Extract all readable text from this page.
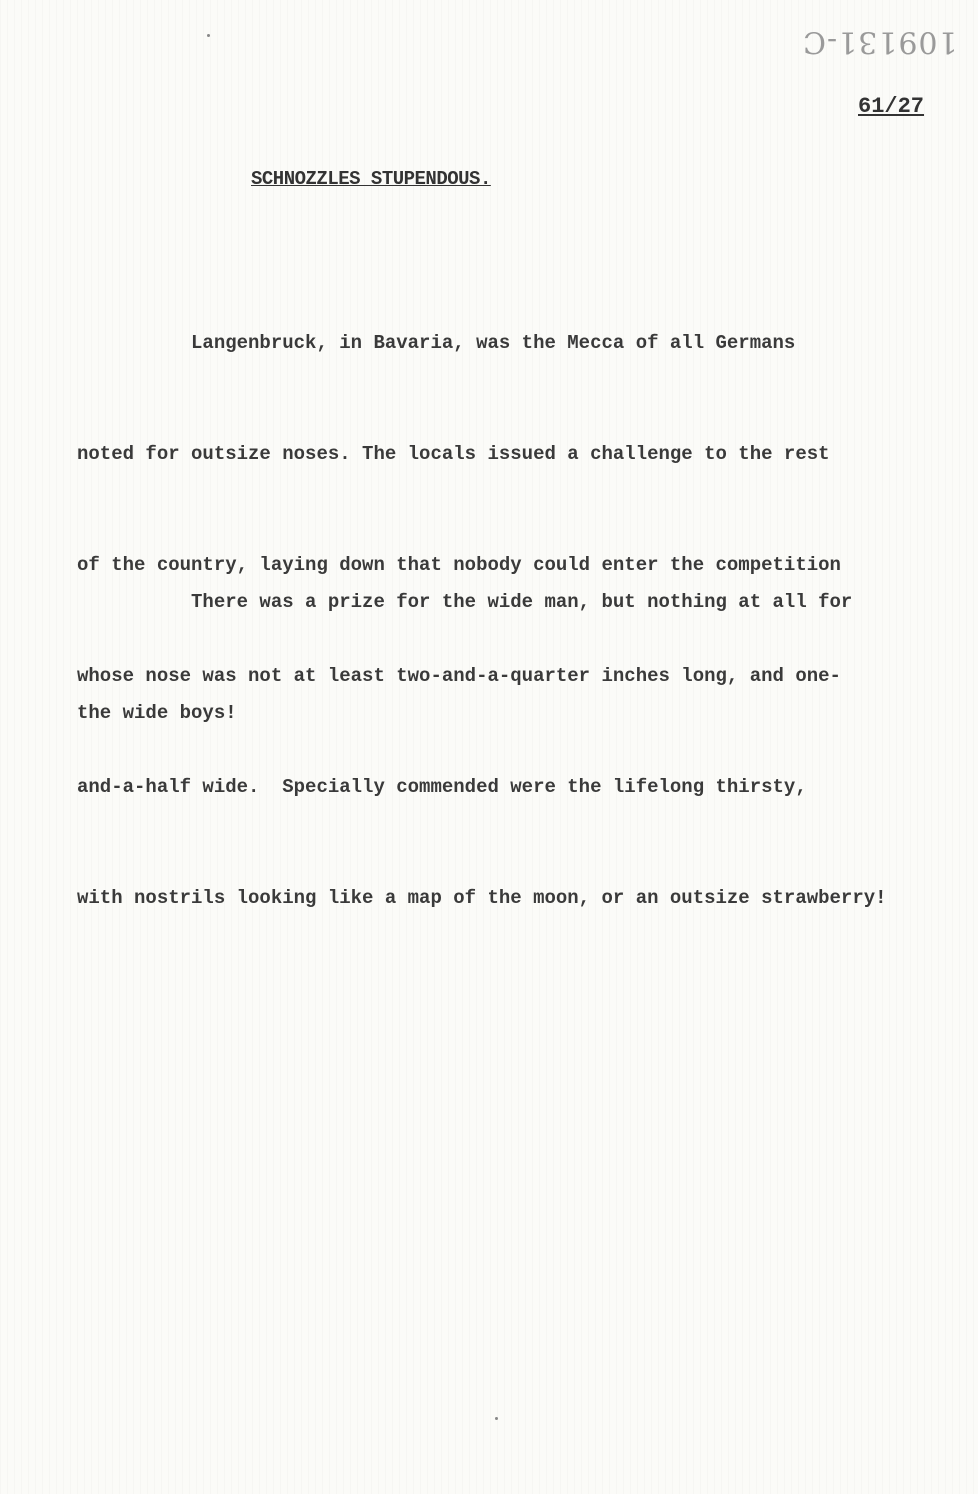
109131-C
61/27
SCHNOZZLES STUPENDOUS.

Langenbruck, in Bavaria, was the Mecca of all Germans

noted for outsize noses. The locals issued a challenge to the rest

of the country, laying down that nobody could enter the competition

whose nose was not at least two-and-a-quarter inches long, and one-

and-a-half wide.  Specially commended were the lifelong thirsty,

with nostrils looking like a map of the moon, or an outsize strawberry!

There was a prize for the wide man, but nothing at all for

the wide boys!
